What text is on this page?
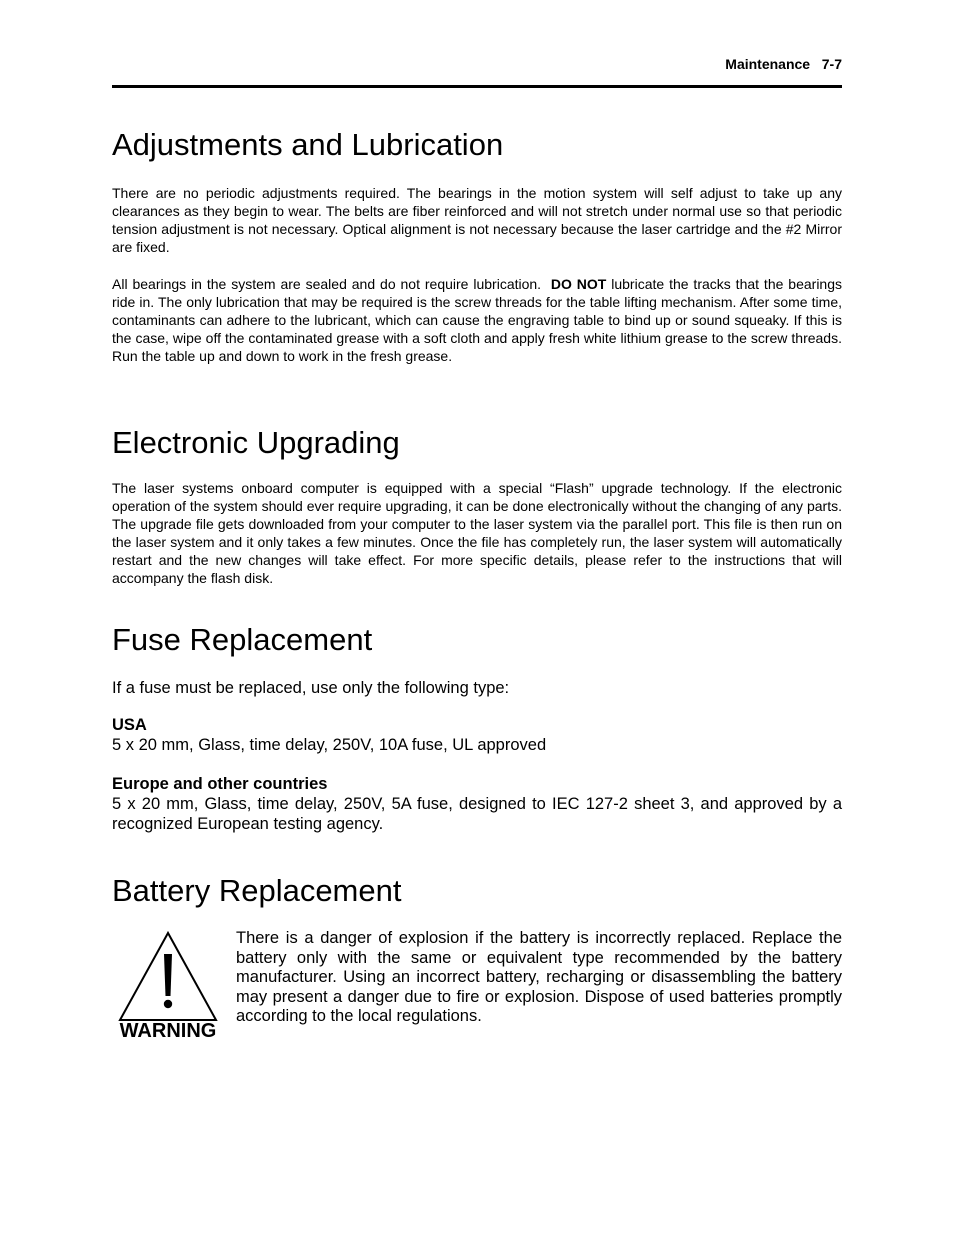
Maintenance   7-7
Adjustments and Lubrication

There are no periodic adjustments required. The bearings in the motion system will self adjust to take up any clearances as they begin to wear. The belts are fiber reinforced and will not stretch under normal use so that periodic tension adjustment is not necessary. Optical alignment is not necessary because the laser cartridge and the #2 Mirror are fixed.

All bearings in the system are sealed and do not require lubrication.  DO NOT lubricate the tracks that the bearings ride in. The only lubrication that may be required is the screw threads for the table lifting mechanism. After some time, contaminants can adhere to the lubricant, which can cause the engraving table to bind up or sound squeaky. If this is the case, wipe off the contaminated grease with a soft cloth and apply fresh white lithium grease to the screw threads. Run the table up and down to work in the fresh grease.

Electronic Upgrading

The laser systems onboard computer is equipped with a special “Flash” upgrade technology. If the electronic operation of the system should ever require upgrading, it can be done electronically without the changing of any parts. The upgrade file gets downloaded from your computer to the laser system via the parallel port. This file is then run on the laser system and it only takes a few minutes. Once the file has completely run, the laser system will automatically restart and the new changes will take effect. For more specific details, please refer to the instructions that will accompany the flash disk.

Fuse Replacement

If a fuse must be replaced, use only the following type:

USA

5 x 20 mm, Glass, time delay, 250V, 10A fuse, UL approved

Europe and other countries

5 x 20 mm, Glass, time delay, 250V, 5A fuse, designed to IEC 127-2 sheet 3, and approved by a recognized European testing agency.

Battery Replacement
WARNING

There is a danger of explosion if the battery is incorrectly replaced. Replace the battery only with the same or equivalent type recommended by the battery manufacturer. Using an incorrect battery, recharging or disassembling the battery may present a danger due to fire or explosion. Dispose of used batteries promptly according to the local regulations.
